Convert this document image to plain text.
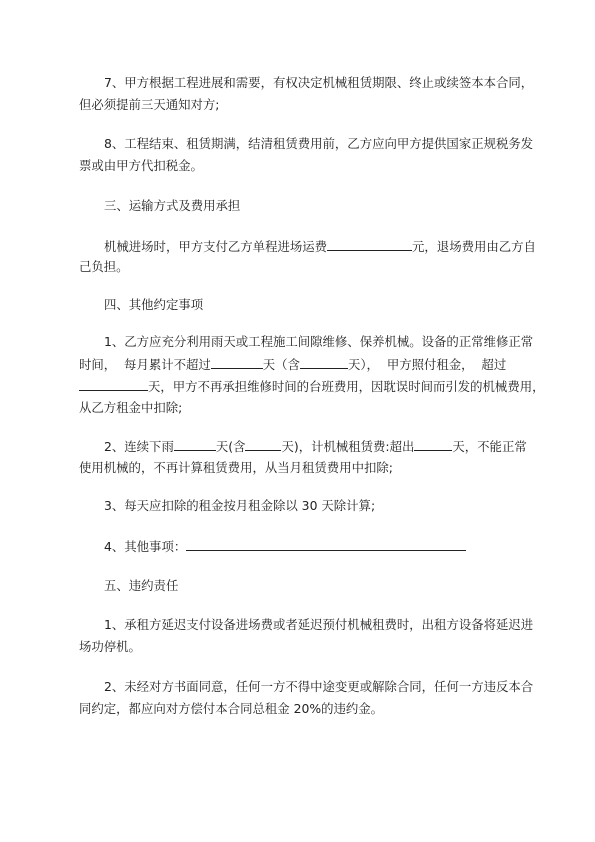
7、甲方根据工程进展和需要，有权决定机械租赁期限、终止或续签本本合同，

但必须提前三天通知对方;

8、工程结束、租赁期满，结清租赁费用前，乙方应向甲方提供国家正规税务发

票或由甲方代扣税金。

三、运输方式及费用承担

机械进场时，甲方支付乙方单程进场运费	元，退场费用由乙方自

己负担。

四、其他约定事项

1、乙方应充分利用雨天或工程施工间隙维修、保养机械。设备的正常维修正常

时间，  每月累计不超过	天（含	天），  甲方照付租金，  超过

天，甲方不再承担维修时间的台班费用，因耽误时间而引发的机械费用，

从乙方租金中扣除;

2、连续下雨	天(含	天)，计机械租赁费:超出	天，不能正常

使用机械的，不再计算租赁费用，从当月租赁费用中扣除;

3、每天应扣除的租金按月租金除以 30 天除计算;

4、其他事项：

五、违约责任

1、承租方延迟支付设备进场费或者延迟预付机械租费时，出租方设备将延迟进

场功停机。

2、未经对方书面同意，任何一方不得中途变更或解除合同，任何一方违反本合

同约定，都应向对方偿付本合同总租金 20%的违约金。
